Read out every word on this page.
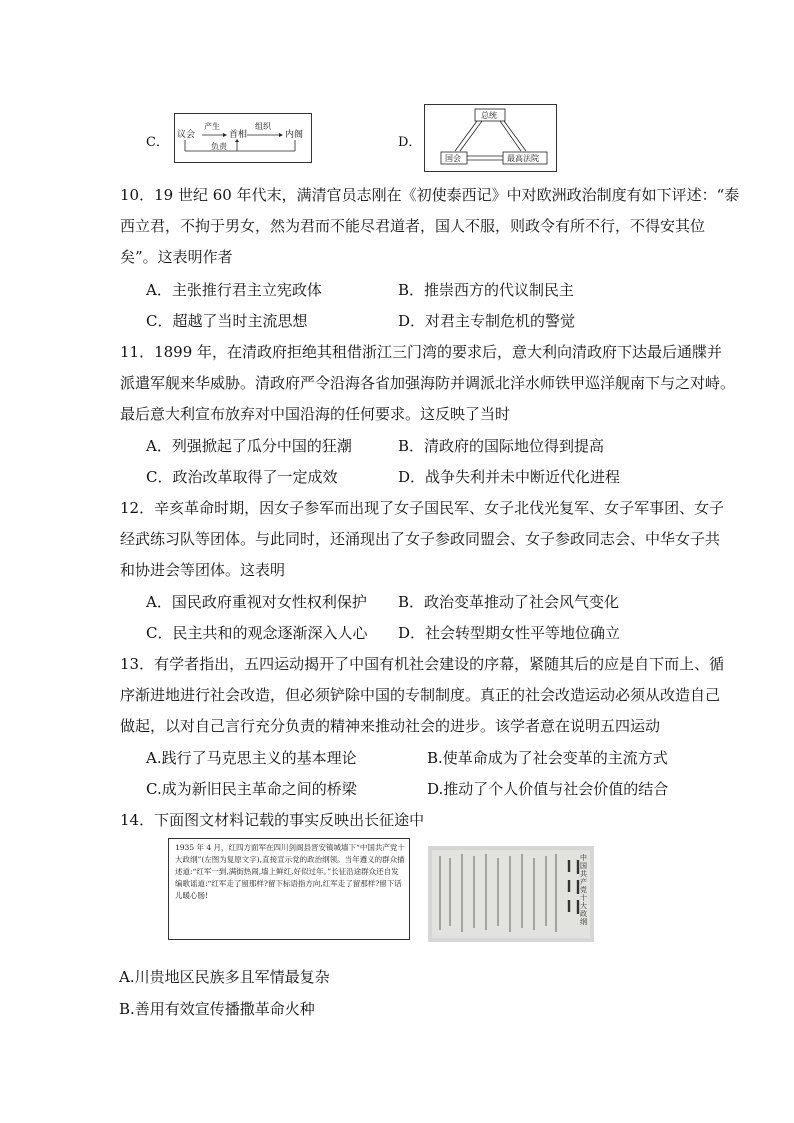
C． 议会
产生
首相
组织
内阁
负责	D．
总统
国会	最高法院
10．19 世纪 60 年代末，满清官员志刚在《初使泰西记》中对欧洲政治制度有如下评述：“泰
西立君，不拘于男女，然为君而不能尽君道者，国人不服，则政令有所不行，不得安其位
矣”。这表明作者
A．主张推行君主立宪政体	B．推崇西方的代议制民主
C．超越了当时主流思想	D．对君主专制危机的警觉
11．1899 年，在清政府拒绝其租借浙江三门湾的要求后，意大利向清政府下达最后通牒并
派遣军舰来华威胁。清政府严令沿海各省加强海防并调派北洋水师铁甲巡洋舰南下与之对峙。
最后意大利宣布放弃对中国沿海的任何要求。这反映了当时
A．列强掀起了瓜分中国的狂潮	B．清政府的国际地位得到提高
C．政治改革取得了一定成效	D．战争失利并未中断近代化进程
12．辛亥革命时期，因女子参军而出现了女子国民军、女子北伐光复军、女子军事团、女子
经武练习队等团体。与此同时，还涌现出了女子参政同盟会、女子参政同志会、中华女子共
和协进会等团体。这表明
A．国民政府重视对女性权利保护 B．政治变革推动了社会风气变化
C．民主共和的观念逐渐深入人心 D．社会转型期女性平等地位确立
13．有学者指出，五四运动揭开了中国有机社会建设的序幕，紧随其后的应是自下而上、循
序渐进地进行社会改造，但必须铲除中国的专制制度。真正的社会改造运动必须从改造自己
做起，以对自己言行充分负责的精神来推动社会的进步。该学者意在说明五四运动
A.践行了马克思主义的基本理论	B.使革命成为了社会变革的主流方式
C.成为新旧民主革命之间的桥梁	D.推动了个人价值与社会价值的结合
14．下面图文材料记载的事实反映出长征途中
1935 年 4 月，红四方面军在四川剑阁县晋安镇城墙下“中国共产党十大政纲”(左图为复原文字),直接宣示党的政治纲领。当年遵义的群众描述道:“红军一到,满街热闹,墙上鲜红,好似过年。”长征沿途群众还自发编歌谣道:“红军走了留那样?留下标语指方向,红军走了留那样?留下话儿暖心肠!
中国共产党十大政纲
A.川贵地区民族多且军情最复杂
B.善用有效宣传播撒革命火种
